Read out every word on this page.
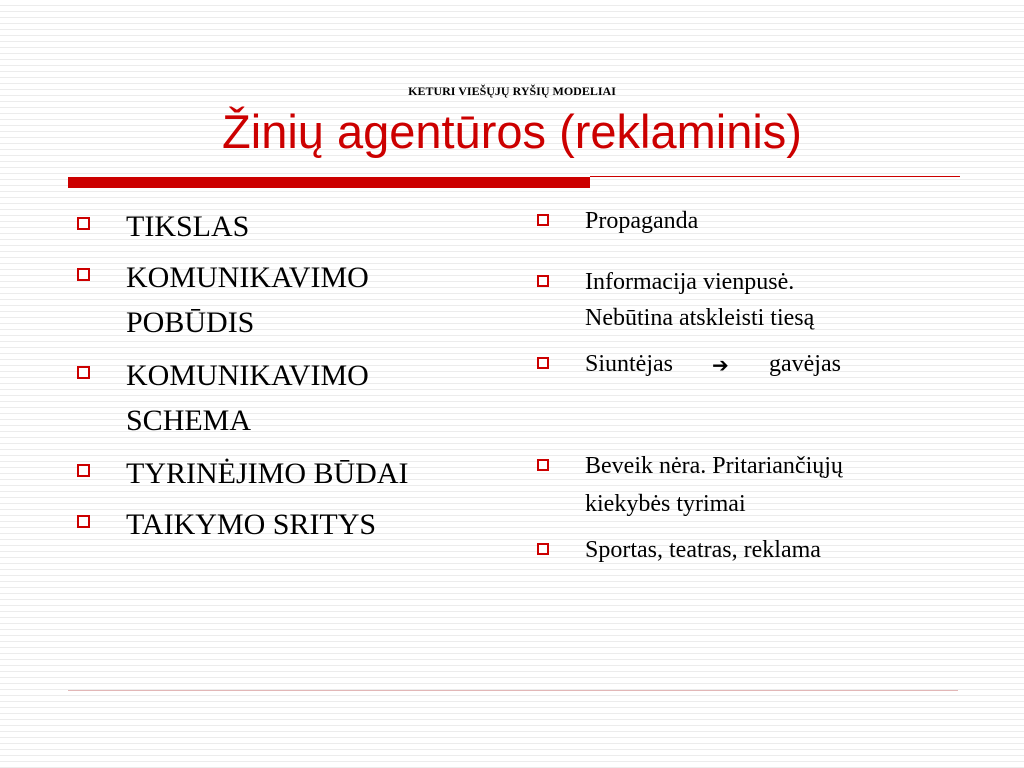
KETURI VIEŠŲJŲ RYŠIŲ MODELIAI
Žinių agentūros (reklaminis)
TIKSLAS
KOMUNIKAVIMO
POBŪDIS
KOMUNIKAVIMO
SCHEMA
TYRINĖJIMO BŪDAI
TAIKYMO SRITYS
Propaganda
Informacija vienpusė.
Nebūtina atskleisti tiesą
Siuntėjas ➔ gavėjas
Beveik nėra. Pritariančiųjų
kiekybės tyrimai
Sportas, teatras, reklama
